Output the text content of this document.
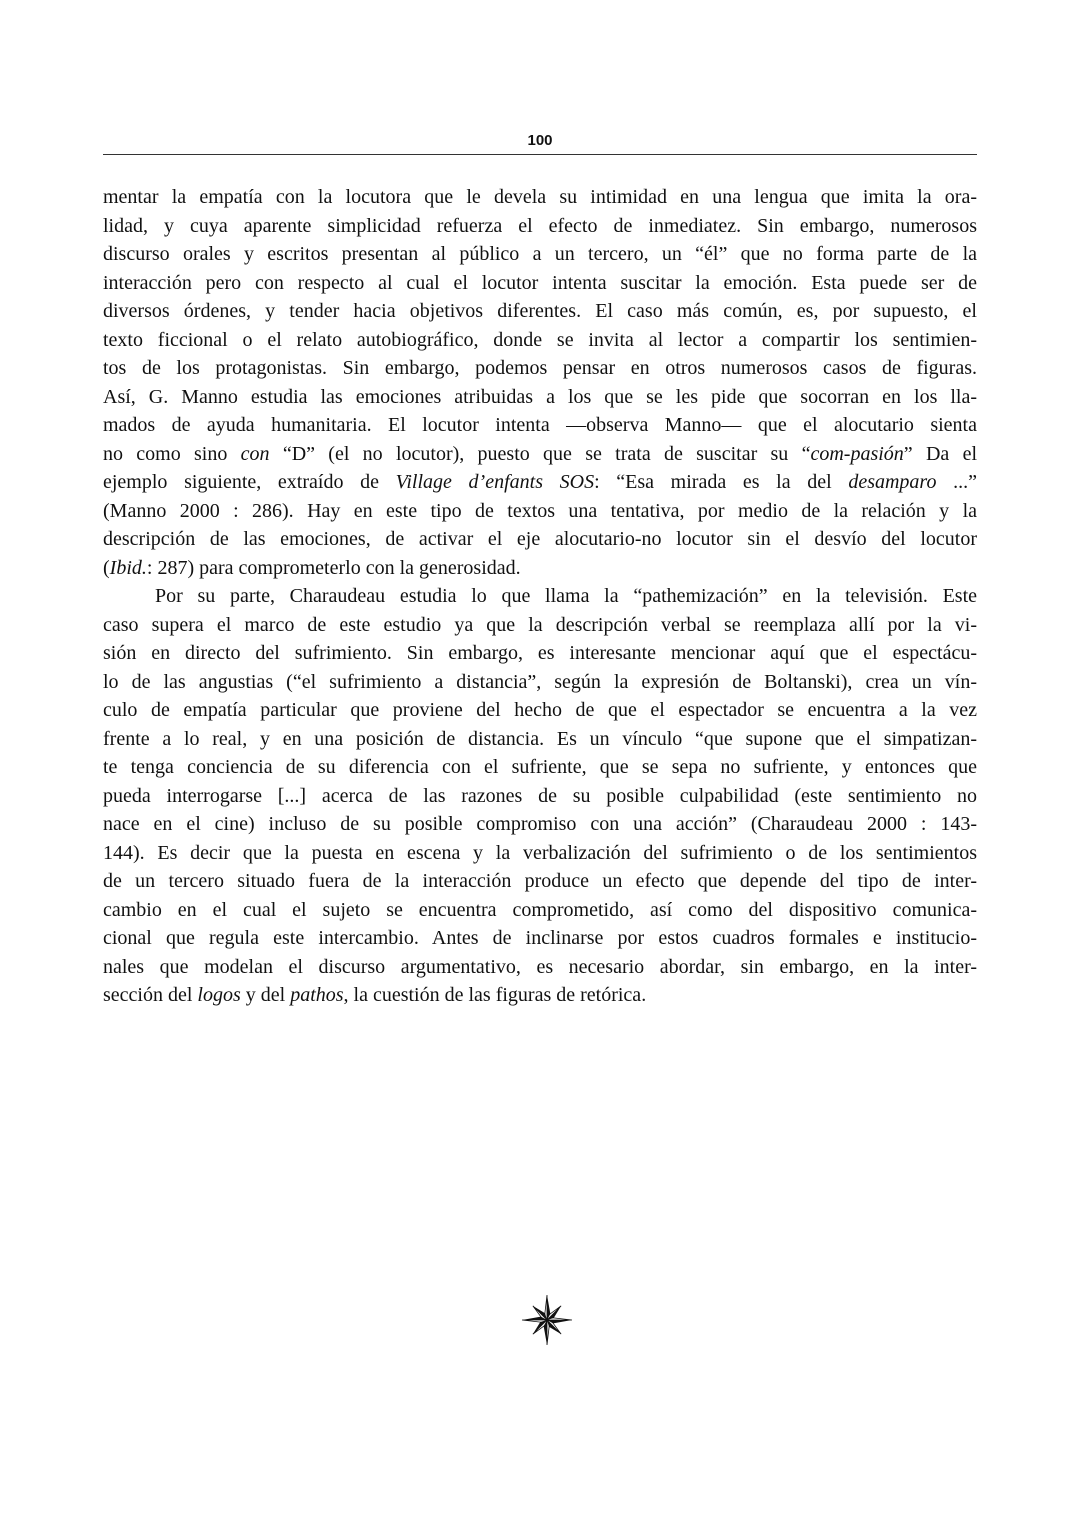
100
mentar la empatía con la locutora que le devela su intimidad en una lengua que imita la ora-
lidad, y cuya aparente simplicidad refuerza el efecto de inmediatez. Sin embargo, numerosos
discurso orales y escritos presentan al público a un tercero, un “él” que no forma parte de la
interacción pero con respecto al cual el locutor intenta suscitar la emoción. Esta puede ser de
diversos órdenes, y tender hacia objetivos diferentes. El caso más común, es, por supuesto, el
texto ficcional o el relato autobiográfico, donde se invita al lector a compartir los sentimien-
tos de los protagonistas. Sin embargo, podemos pensar en otros numerosos casos de figuras.
Así, G. Manno estudia las emociones atribuidas a los que se les pide que socorran en los lla-
mados de ayuda humanitaria. El locutor intenta —observa Manno— que el alocutario sienta
no como sino con “D” (el no locutor), puesto que se trata de suscitar su “com-pasión” Da el
ejemplo siguiente, extraído de Village d’enfants SOS: “Esa mirada es la del desamparo ...”
(Manno 2000 : 286). Hay en este tipo de textos una tentativa, por medio de la relación y la
descripción de las emociones, de activar el eje alocutario-no locutor sin el desvío del locutor
(Ibid.: 287) para comprometerlo con la generosidad.
Por su parte, Charaudeau estudia lo que llama la “pathemización” en la televisión. Este
caso supera el marco de este estudio ya que la descripción verbal se reemplaza allí por la vi-
sión en directo del sufrimiento. Sin embargo, es interesante mencionar aquí que el espectácu-
lo de las angustias (“el sufrimiento a distancia”, según la expresión de Boltanski), crea un vín-
culo de empatía particular que proviene del hecho de que el espectador se encuentra a la vez
frente a lo real, y en una posición de distancia. Es un vínculo “que supone que el simpatizan-
te tenga conciencia de su diferencia con el sufriente, que se sepa no sufriente, y entonces que
pueda interrogarse [...] acerca de las razones de su posible culpabilidad (este sentimiento no
nace en el cine) incluso de su posible compromiso con una acción” (Charaudeau 2000 : 143-
144). Es decir que la puesta en escena y la verbalización del sufrimiento o de los sentimientos
de un tercero situado fuera de la interacción produce un efecto que depende del tipo de inter-
cambio en el cual el sujeto se encuentra comprometido, así como del dispositivo comunica-
cional que regula este intercambio. Antes de inclinarse por estos cuadros formales e institucio-
nales que modelan el discurso argumentativo, es necesario abordar, sin embargo, en la inter-
sección del logos y del pathos, la cuestión de las figuras de retórica.
